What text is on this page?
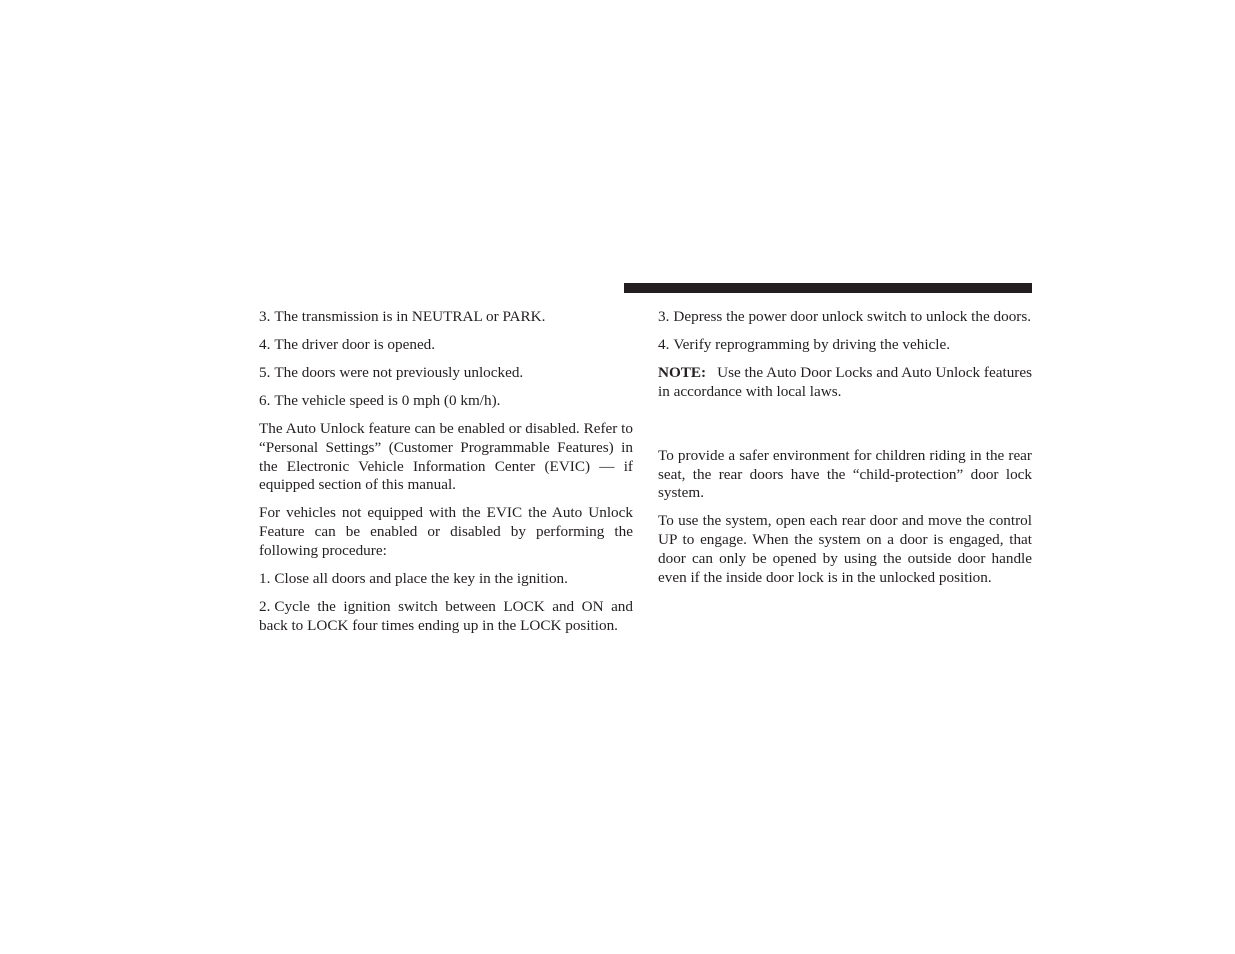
3. The transmission is in NEUTRAL or PARK.

4. The driver door is opened.

5. The doors were not previously unlocked.

6. The vehicle speed is 0 mph (0 km/h).

The Auto Unlock feature can be enabled or disabled. Refer to “Personal Settings” (Customer Programmable Features) in the Electronic Vehicle Information Center (EVIC) — if equipped section of this manual.

For vehicles not equipped with the EVIC the Auto Unlock Feature can be enabled or disabled by performing the following procedure:

1. Close all doors and place the key in the ignition.

2. Cycle the ignition switch between LOCK and ON and back to LOCK four times ending up in the LOCK position.

3. Depress the power door unlock switch to unlock the doors.

4. Verify reprogramming by driving the vehicle.

NOTE: Use the Auto Door Locks and Auto Unlock features in accordance with local laws.

To provide a safer environment for children riding in the rear seat, the rear doors have the “child-protection” door lock system.

To use the system, open each rear door and move the control UP to engage. When the system on a door is engaged, that door can only be opened by using the outside door handle even if the inside door lock is in the unlocked position.
